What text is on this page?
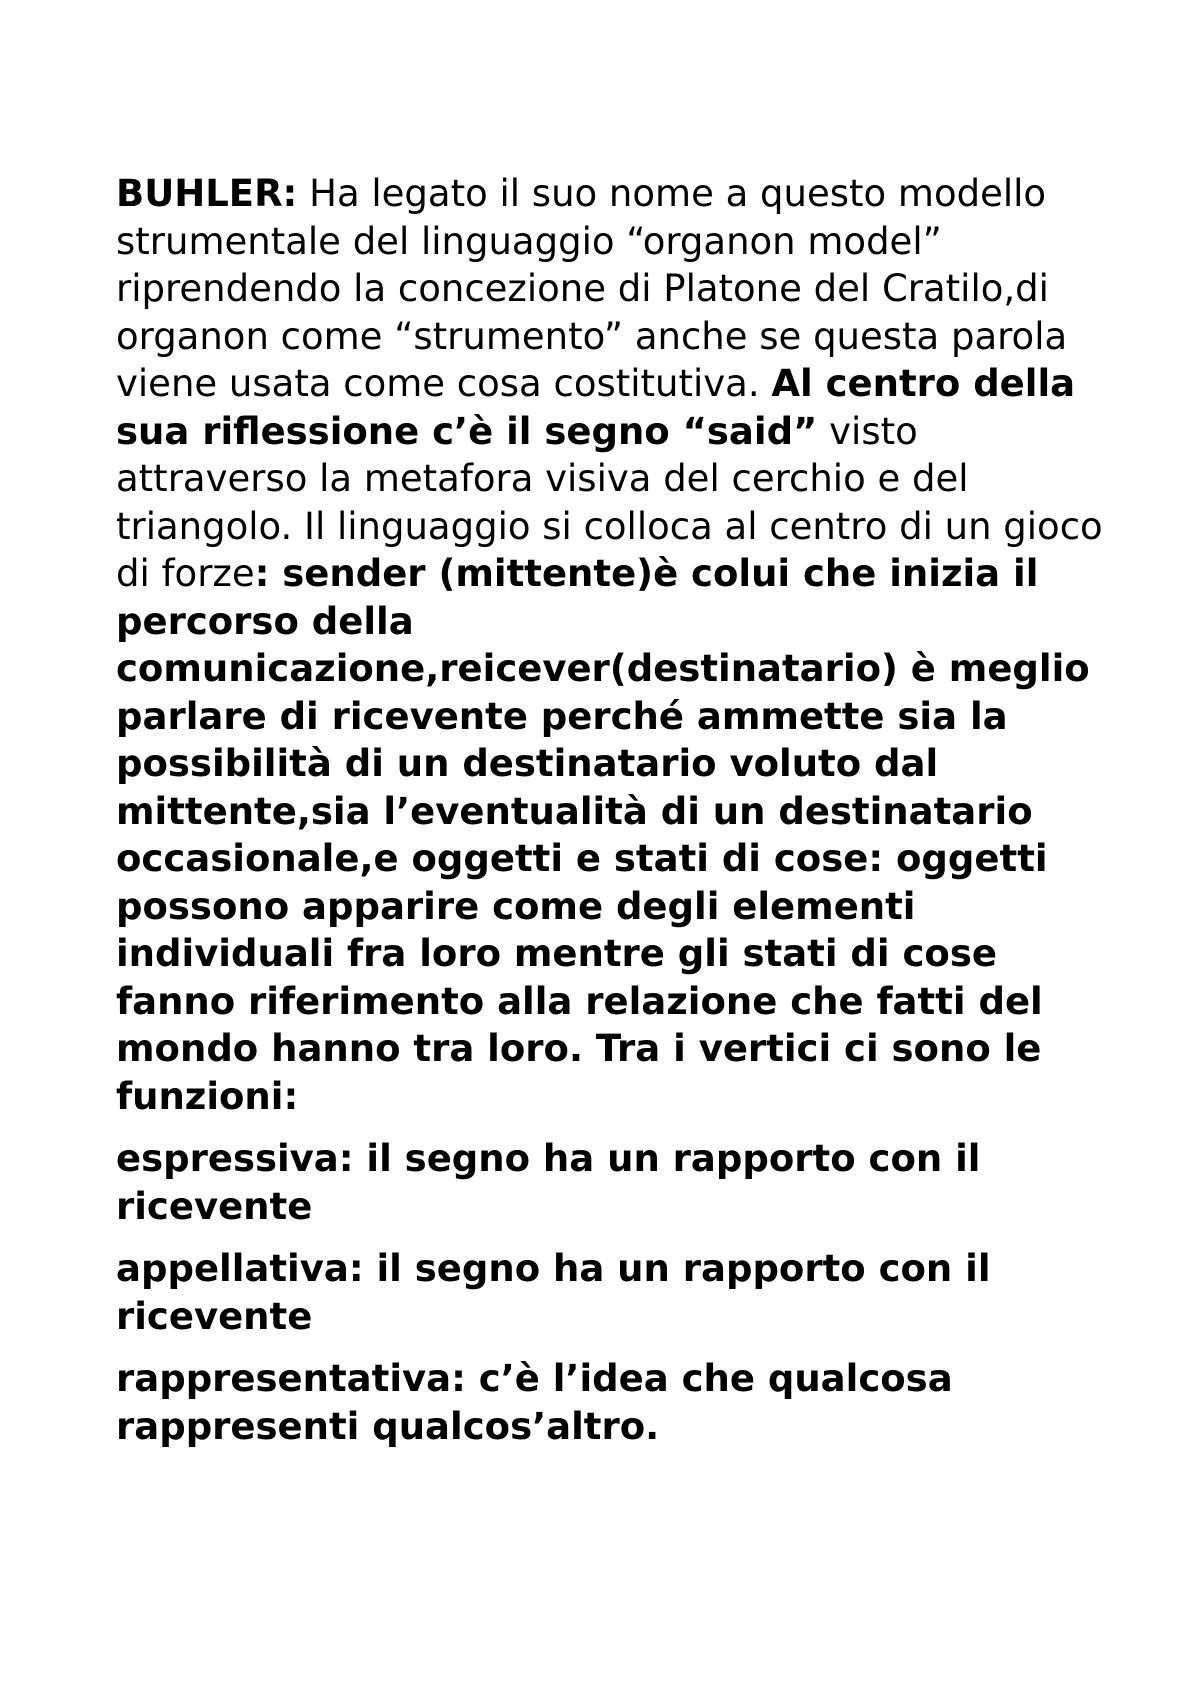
BUHLER: Ha legato il suo nome a questo modello strumentale del linguaggio “organon model” riprendendo la concezione di Platone del Cratilo,di organon come “strumento” anche se questa parola viene usata come cosa costitutiva. Al centro della sua riflessione c’è il segno “said” visto attraverso la metafora visiva del cerchio e del triangolo. Il linguaggio si colloca al centro di un gioco di forze: sender (mittente)è colui che inizia il percorso della comunicazione,reicever(destinatario) è meglio parlare di ricevente perché ammette sia la possibilità di un destinatario voluto dal mittente,sia l’eventualità di un destinatario occasionale,e oggetti e stati di cose: oggetti possono apparire come degli elementi individuali fra loro mentre gli stati di cose fanno riferimento alla relazione che fatti del mondo hanno tra loro. Tra i vertici ci sono le funzioni:

espressiva: il segno ha un rapporto con il ricevente

appellativa: il segno ha un rapporto con il ricevente

rappresentativa: c’è l’idea che qualcosa rappresenti qualcos’altro.
